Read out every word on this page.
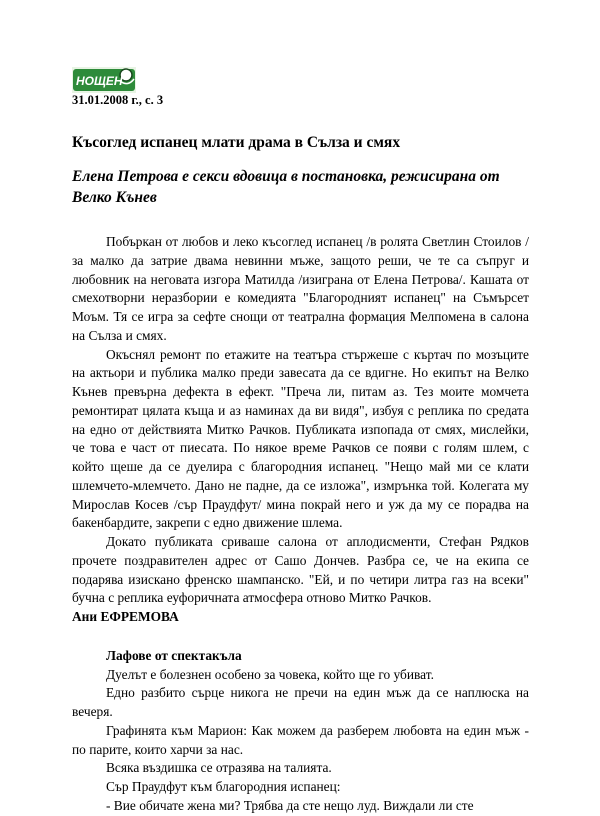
НОЩЕН
31.01.2008 г., с. 3
Късоглед испанец млати драма в Сълза и смях
Елена Петрова е секси вдовица в постановка, режисирана от Велко Кънев

Побъркан от любов и леко късоглед испанец /в ролята Светлин Стоилов /за малко да затрие двама невинни мъже, защото реши, че те са съпруг и любовник на неговата изгора Матилда /изиграна от Елена Петрова/. Кашата от смехотворни неразбории е комедията "Благородният испанец" на Съмърсет Моъм. Тя се игра за сефте снощи от театрална формация Мелпомена в салона на Сълза и смях.

Окъснял ремонт по етажите на театъра стържеше с къртач по мозъците на актьори и публика малко преди завесата да се вдигне. Но екипът на Велко Кънев превърна дефекта в ефект. "Преча ли, питам аз. Тез моите момчета ремонтират цялата къща и аз наминах да ви видя", избуя с реплика по средата на едно от действията Митко Рачков. Публиката изпопада от смях, мислейки, че това е част от пиесата. По някое време Рачков се появи с голям шлем, с който щеше да се дуелира с благородния испанец. "Нещо май ми се клати шлемчето-млемчето. Дано не падне, да се изложа", измрънка той. Колегата му Мирослав Косев /сър Праудфут/ мина покрай него и уж да му се порадва на бакенбардите, закрепи с едно движение шлема.

Докато публиката сриваше салона от аплодисменти, Стефан Рядков прочете поздравителен адрес от Сашо Дончев. Разбра се, че на екипа се подарява изискано френско шампанско. "Ей, и по четири литра газ на всеки" бучна с реплика еуфоричната атмосфера отново Митко Рачков.

Ани ЕФРЕМОВА

Лафове от спектакъла

Дуелът е болезнен особено за човека, който ще го убиват.

Едно разбито сърце никога не пречи на един мъж да се наплюска на вечеря.

Графинята към Марион: Как можем да разберем любовта на един мъж - по парите, които харчи за нас.

Всяка въздишка се отразява на талията.

Сър Праудфут към благородния испанец:

- Вие обичате жена ми? Трябва да сте нещо луд. Виждали ли сте
